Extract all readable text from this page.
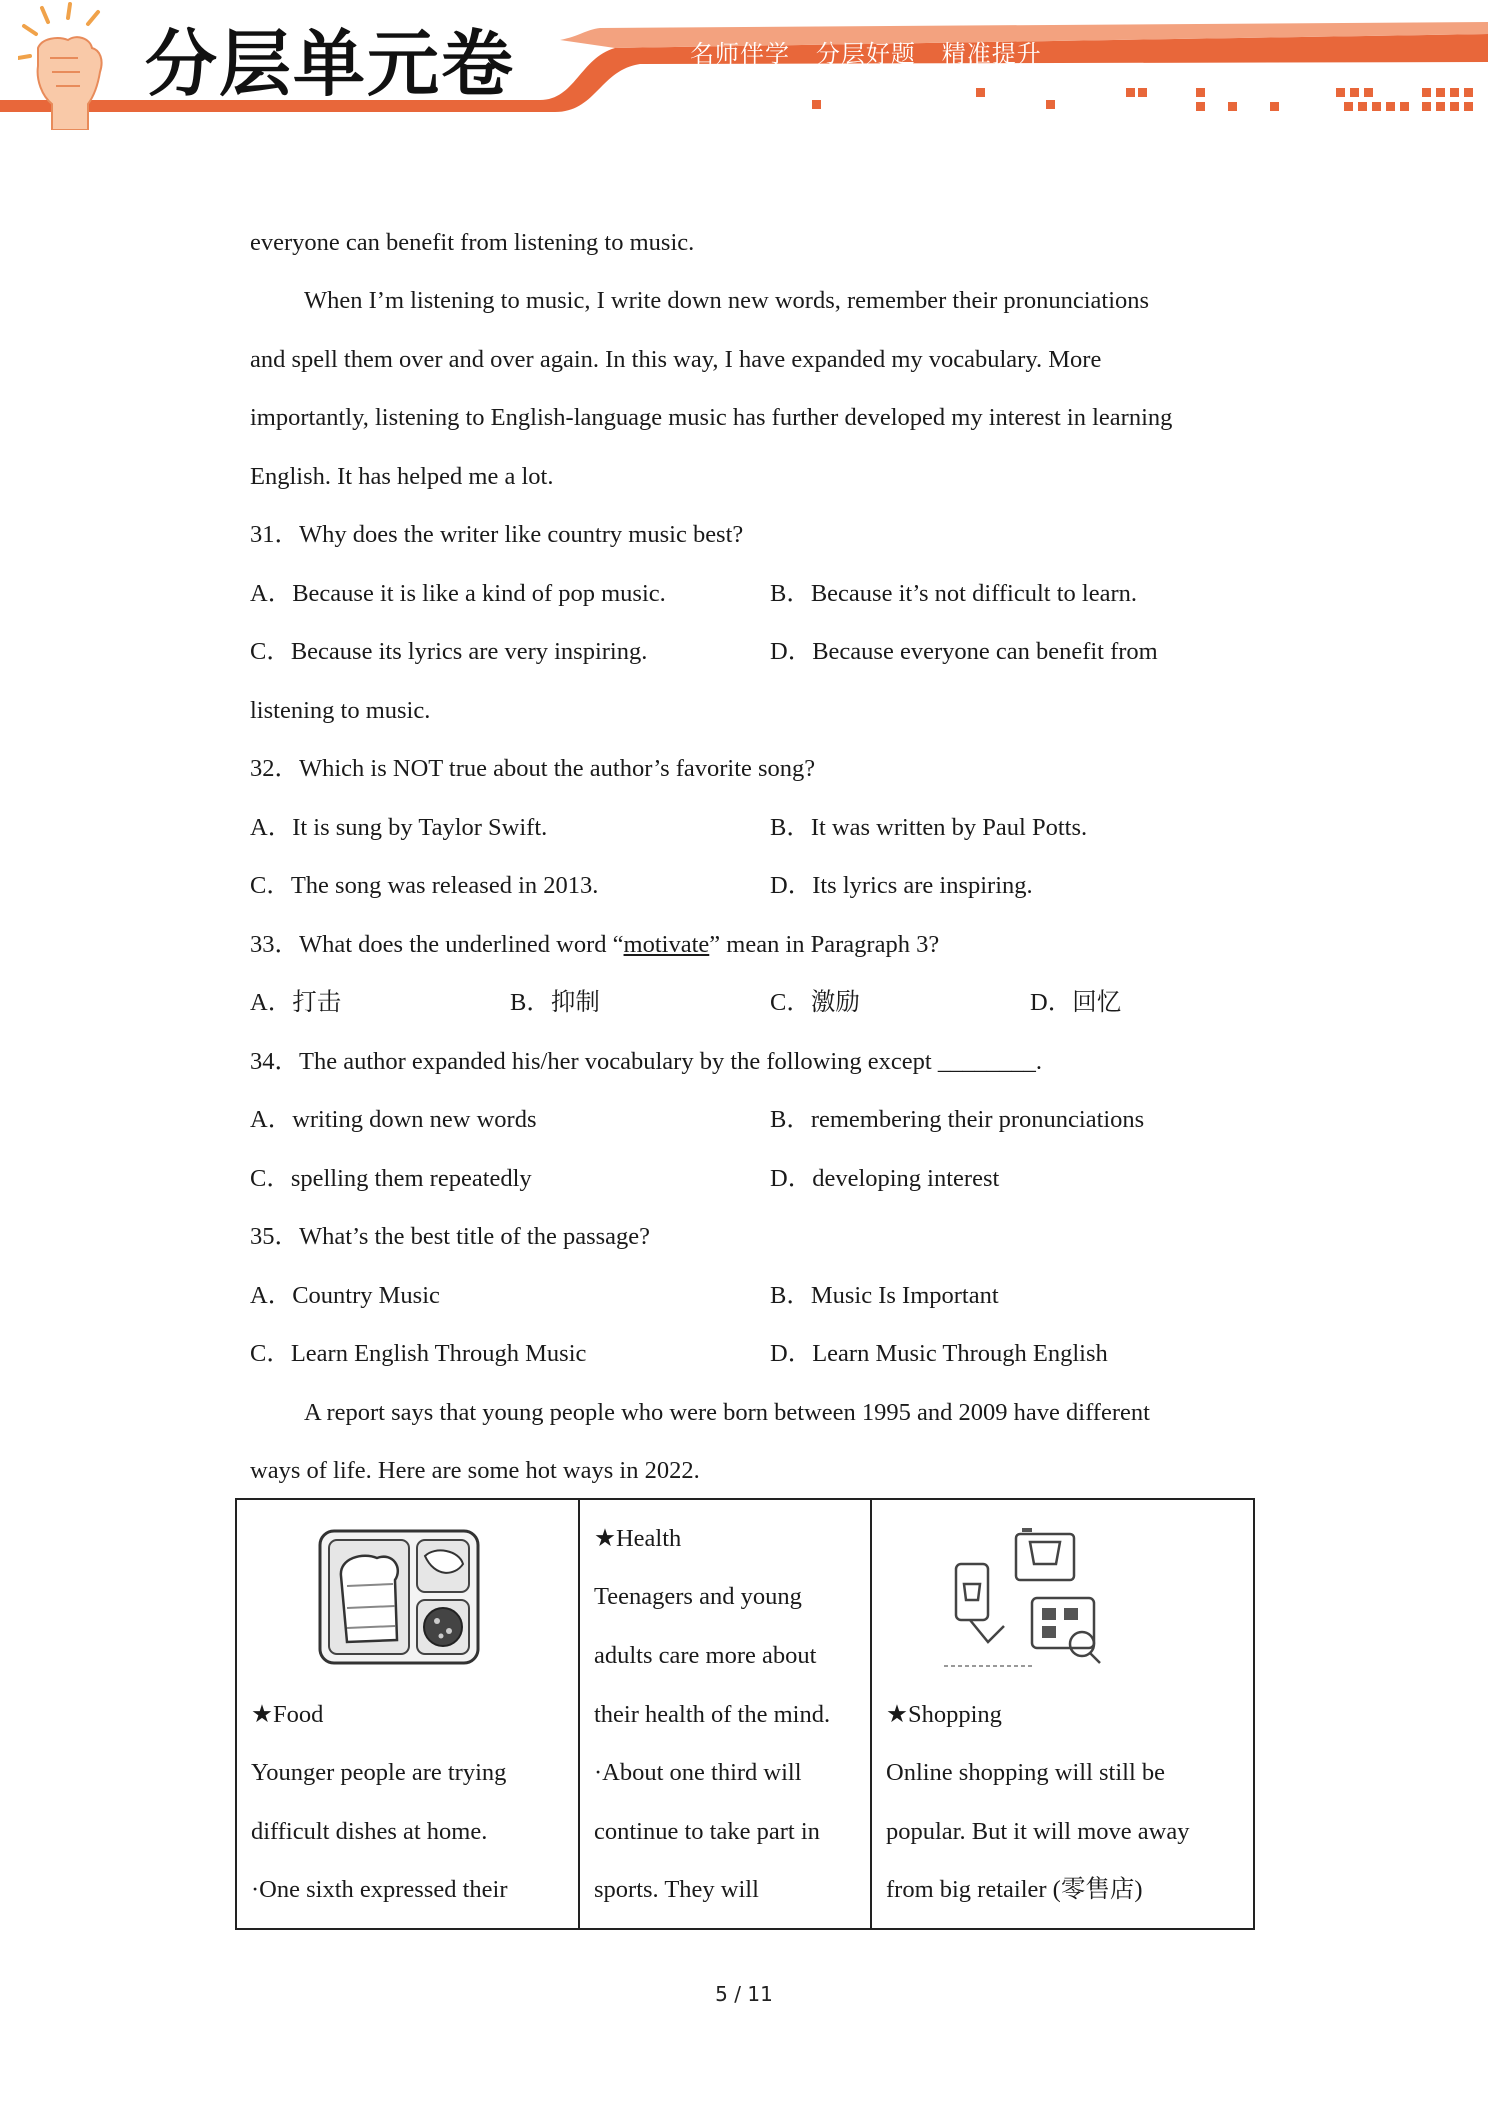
分层单元卷	名师伴学   分层好题   精准提升
everyone can benefit from listening to music.
When I’m listening to music, I write down new words, remember their pronunciations
and spell them over and over again. In this way, I have expanded my vocabulary. More
importantly, listening to English-language music has further developed my interest in learning
English. It has helped me a lot.
31．Why does the writer like country music best?
A．Because it is like a kind of pop music.	B．Because it’s not difficult to learn.
C．Because its lyrics are very inspiring.	D．Because everyone can benefit from
listening to music.
32．Which is NOT true about the author’s favorite song?
A．It is sung by Taylor Swift.	B．It was written by Paul Potts.
C．The song was released in 2013.	D．Its lyrics are inspiring.
33．What does the underlined word “motivate” mean in Paragraph 3?
A．打击	B．抑制	C．激励	D．回忆
34．The author expanded his/her vocabulary by the following except ________.
A．writing down new words	B．remembering their pronunciations
C．spelling them repeatedly	D．developing interest
35．What’s the best title of the passage?
A．Country Music	B．Music Is Important
C．Learn English Through Music	D．Learn Music Through English
A report says that young people who were born between 1995 and 2009 have different
ways of life. Here are some hot ways in 2022.
★Food
Younger people are trying
difficult dishes at home.
·One sixth expressed their

★Health
Teenagers and young
adults care more about
their health of the mind.
·About one third will
continue to take part in
sports. They will

★Shopping
Online shopping will still be
popular. But it will move away
from big retailer (零售店)
5 / 11
